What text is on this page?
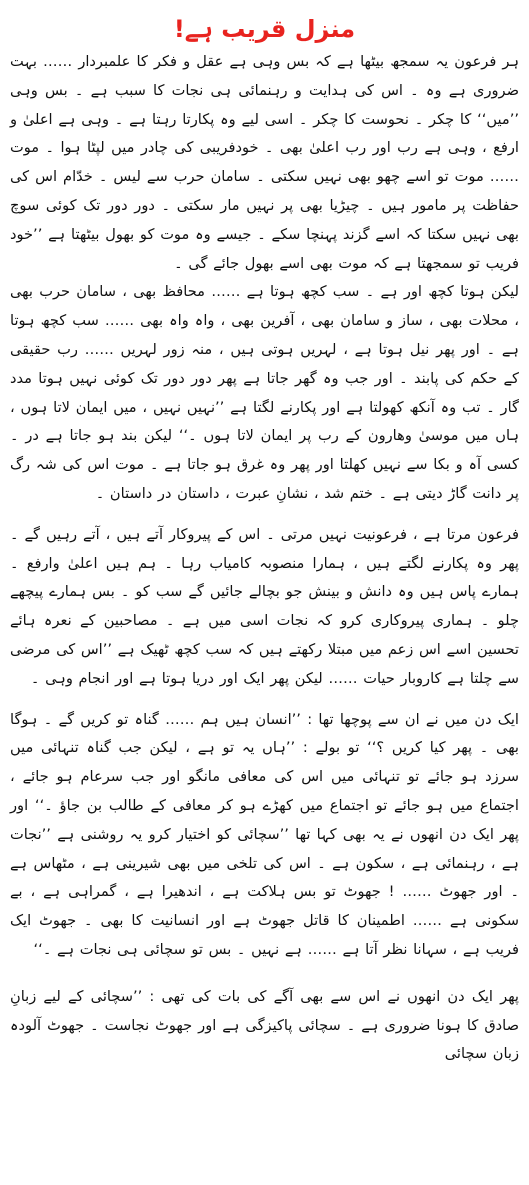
منزل قریب ہے!

ہر فرعون یہ سمجھ بیٹھا ہے کہ بس وہی ہے عقل و فکر کا علمبردار …… بہت ضروری ہے وہ ۔ اس کی ہدایت و رہنمائی ہی نجات کا سبب ہے ۔ بس وہی ’’میں‘‘ کا چکر ۔ نحوست کا چکر ۔ اسی لیے وہ پکارتا رہتا ہے ۔ وہی ہے اعلیٰ و ارفع ، وہی ہے رب اور رب اعلیٰ بھی ۔ خودفریبی کی چادر میں لپٹا ہوا ۔ موت …… موت تو اسے چھو بھی نہیں سکتی ۔ سامان حرب سے لیس ۔ خدّام اس کی حفاظت پر مامور ہیں ۔ چیڑیا بھی پر نہیں مار سکتی ۔ دور دور تک کوئی سوچ بھی نہیں سکتا کہ اسے گزند پہنچا سکے ۔ جیسے وہ موت کو بھول بیٹھتا ہے ’’خود فریب تو سمجھتا ہے کہ موت بھی اسے بھول جائے گی ۔

لیکن ہوتا کچھ اور ہے ۔ سب کچھ ہوتا ہے …… محافظ بھی ، سامان حرب بھی ، محلات بھی ، ساز و سامان بھی ، آفرین بھی ، واہ واہ بھی …… سب کچھ ہوتا ہے ۔ اور پھر نیل ہوتا ہے ، لہریں ہوتی ہیں ، منہ زور لہریں …… رب حقیقی کے حکم کی پابند ۔ اور جب وہ گھر جاتا ہے پھر دور دور تک کوئی نہیں ہوتا مدد گار ۔ تب وہ آنکھ کھولتا ہے اور پکارنے لگتا ہے ’’نہیں نہیں ، میں ایمان لاتا ہوں ، ہاں میں موسیٰ وھارون کے رب پر ایمان لاتا ہوں ۔‘‘ لیکن بند ہو جاتا ہے در ۔ کسی آہ و بکا سے نہیں کھلتا اور پھر وہ غرق ہو جاتا ہے ۔ موت اس کی شہ رگ پر دانت گاڑ دیتی ہے ۔ ختم شد ، نشانِ عبرت ، داستان در داستان ۔

فرعون مرتا ہے ، فرعونیت نہیں مرتی ۔ اس کے پیروکار آتے ہیں ، آتے رہیں گے ۔ پھر وہ پکارنے لگتے ہیں ، ہمارا منصوبہ کامیاب رہا ۔ ہم ہیں اعلیٰ وارفع ۔ ہمارے پاس ہیں وہ دانش و بینش جو بچالے جائیں گے سب کو ۔ بس ہمارے پیچھے چلو ۔ ہماری پیروکاری کرو کہ نجات اسی میں ہے ۔ مصاحبین کے نعرہ ہائے تحسین اسے اس زعم میں مبتلا رکھتے ہیں کہ سب کچھ ٹھیک ہے ’’اس کی مرضی سے چلتا ہے کاروبار حیات …… لیکن پھر ایک اور دریا ہوتا ہے اور انجام وہی ۔

ایک دن میں نے ان سے پوچھا تھا : ’’انسان ہیں ہم …… گناہ تو کریں گے ۔ ہوگا بھی ۔ پھر کیا کریں ؟‘‘ تو بولے : ’’ہاں یہ تو ہے ، لیکن جب گناہ تنہائی میں سرزد ہو جائے تو تنہائی میں اس کی معافی مانگو اور جب سرعام ہو جائے ، اجتماع میں ہو جائے تو اجتماع میں کھڑے ہو کر معافی کے طالب بن جاؤ ۔‘‘ اور پھر ایک دن انھوں نے یہ بھی کہا تھا ’’سچائی کو اختیار کرو یہ روشنی ہے ’’نجات ہے ، رہنمائی ہے ، سکون ہے ۔ اس کی تلخی میں بھی شیرینی ہے ، مٹھاس ہے ۔ اور جھوٹ …… ! جھوٹ تو بس ہلاکت ہے ، اندھیرا ہے ، گمراہی ہے ، بے سکونی ہے …… اطمینان کا قاتل جھوٹ ہے اور انسانیت کا بھی ۔ جھوٹ ایک فریب ہے ، سہانا نظر آتا ہے …… ہے نہیں ۔ بس تو سچائی ہی نجات ہے ۔‘‘

پھر ایک دن انھوں نے اس سے بھی آگے کی بات کی تھی : ’’سچائی کے لیے زبانِ صادق کا ہونا ضروری ہے ۔ سچائی پاکیزگی ہے اور جھوٹ نجاست ۔ جھوٹ آلودہ زبان سچائی
